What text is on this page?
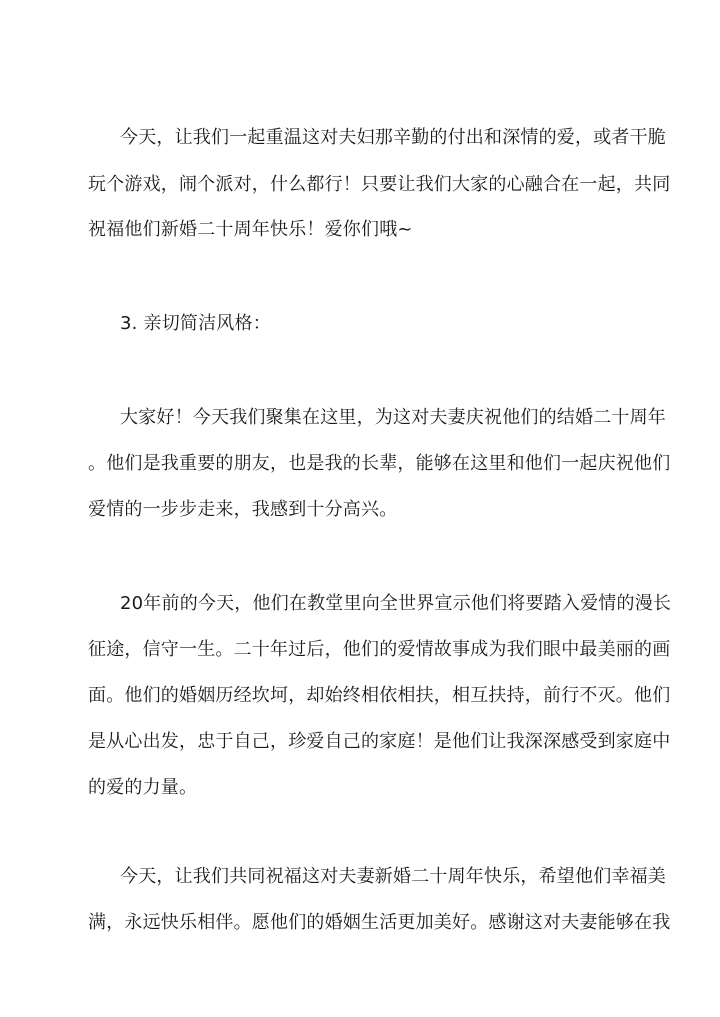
今天，让我们一起重温这对夫妇那辛勤的付出和深情的爱，或者干脆
玩个游戏，闹个派对，什么都行！只要让我们大家的心融合在一起，共同
祝福他们新婚二十周年快乐！爱你们哦~
3. 亲切简洁风格：
大家好！今天我们聚集在这里，为这对夫妻庆祝他们的结婚二十周年
。他们是我重要的朋友，也是我的长辈，能够在这里和他们一起庆祝他们
爱情的一步步走来，我感到十分高兴。
20年前的今天，他们在教堂里向全世界宣示他们将要踏入爱情的漫长
征途，信守一生。二十年过后，他们的爱情故事成为我们眼中最美丽的画
面。他们的婚姻历经坎坷，却始终相依相扶，相互扶持，前行不灭。他们
是从心出发，忠于自己，珍爱自己的家庭！是他们让我深深感受到家庭中
的爱的力量。
今天，让我们共同祝福这对夫妻新婚二十周年快乐，希望他们幸福美
满，永远快乐相伴。愿他们的婚姻生活更加美好。感谢这对夫妻能够在我
